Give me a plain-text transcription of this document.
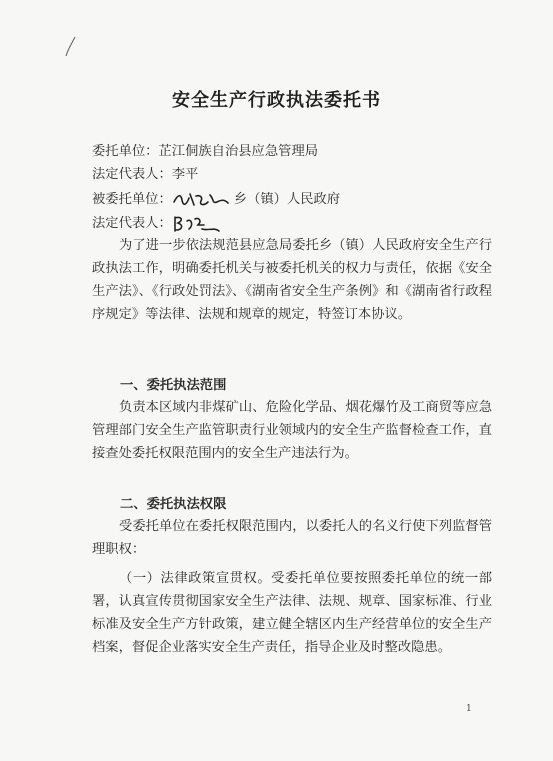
安全生产行政执法委托书
委托单位：芷江侗族自治县应急管理局
法定代表人：李平
被委托单位：	乡（镇）人民政府
法定代表人：
为了进一步依法规范县应急局委托乡（镇）人民政府安全生产行政执法工作，明确委托机关与被委托机关的权力与责任，依据《安全生产法》、《行政处罚法》、《湖南省安全生产条例》和《湖南省行政程序规定》等法律、法规和规章的规定，特签订本协议。
一、委托执法范围
负责本区域内非煤矿山、危险化学品、烟花爆竹及工商贸等应急管理部门安全生产监管职责行业领域内的安全生产监督检查工作，直接查处委托权限范围内的安全生产违法行为。
二、委托执法权限
受委托单位在委托权限范围内，以委托人的名义行使下列监督管理职权：
（一）法律政策宣贯权。受委托单位要按照委托单位的统一部署，认真宣传贯彻国家安全生产法律、法规、规章、国家标准、行业标准及安全生产方针政策，建立健全辖区内生产经营单位的安全生产档案，督促企业落实安全生产责任，指导企业及时整改隐患。
1
